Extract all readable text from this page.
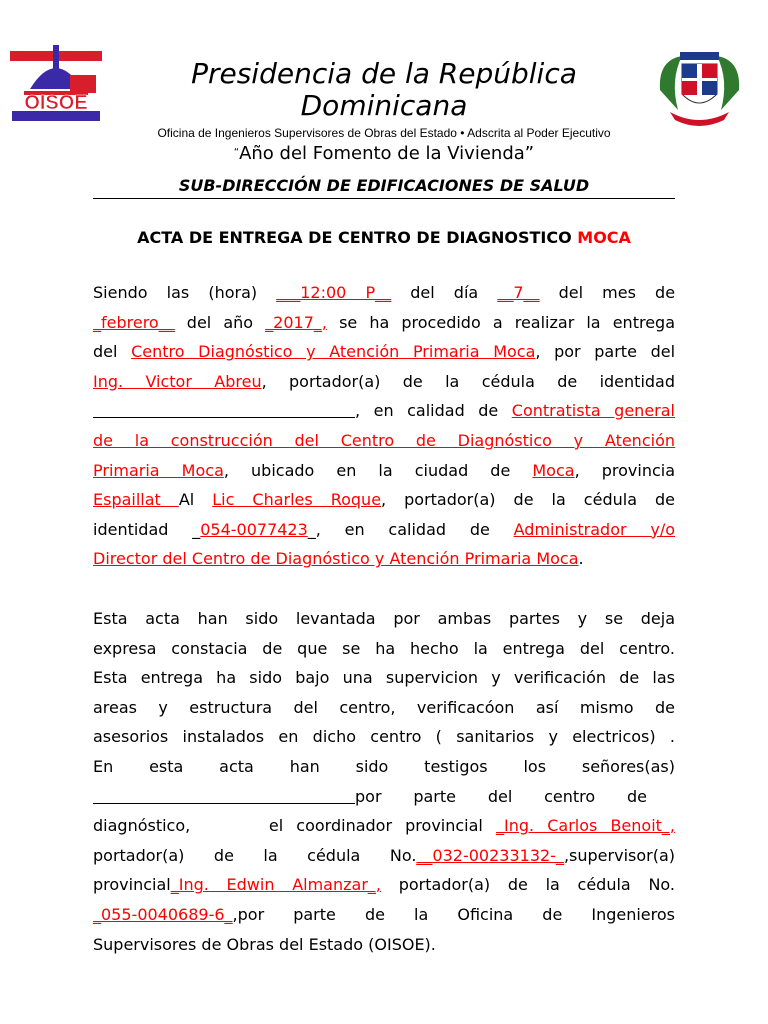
OISOE
Presidencia de la República Dominicana
Oficina de Ingenieros Supervisores de Obras del Estado • Adscrita al Poder Ejecutivo
“Año del Fomento de la Vivienda”
SUB-DIRECCIÓN DE EDIFICACIONES DE SALUD
ACTA DE ENTREGA DE CENTRO DE DIAGNOSTICO MOCA
Siendo las (hora) ___12:00 P__ del día __7__ del mes de
_febrero__ del año _2017_, se ha procedido a realizar la entrega
del Centro Diagnóstico y Atención Primaria Moca, por parte del
Ing. Victor Abreu, portador(a) de la cédula de identidad
, en calidad de Contratista general
de la construcción del Centro de Diagnóstico y Atención
Primaria Moca, ubicado en la ciudad de Moca, provincia
Espaillat Al Lic Charles Roque, portador(a) de la cédula de
identidad _054-0077423_, en calidad de Administrador y/o
Director del Centro de Diagnóstico y Atención Primaria Moca.
Esta acta han sido levantada por ambas partes y se deja
expresa constacia de que se ha hecho la entrega del centro.
Esta entrega ha sido bajo una supervicion y verificación de las
areas y estructura del centro, verificacóon así mismo de
asesorios instalados en dicho centro ( sanitarios y electricos) .
En esta acta han sido testigos los señores(as)
por parte del centro de
diagnóstico,      el coordinador provincial _Ing. Carlos Benoit_,
portador(a) de la cédula No.__032-00233132-_,supervisor(a)
provincial_Ing. Edwin Almanzar_, portador(a) de la cédula No.
_055-0040689-6_,por parte de la Oficina de Ingenieros
Supervisores de Obras del Estado (OISOE).
